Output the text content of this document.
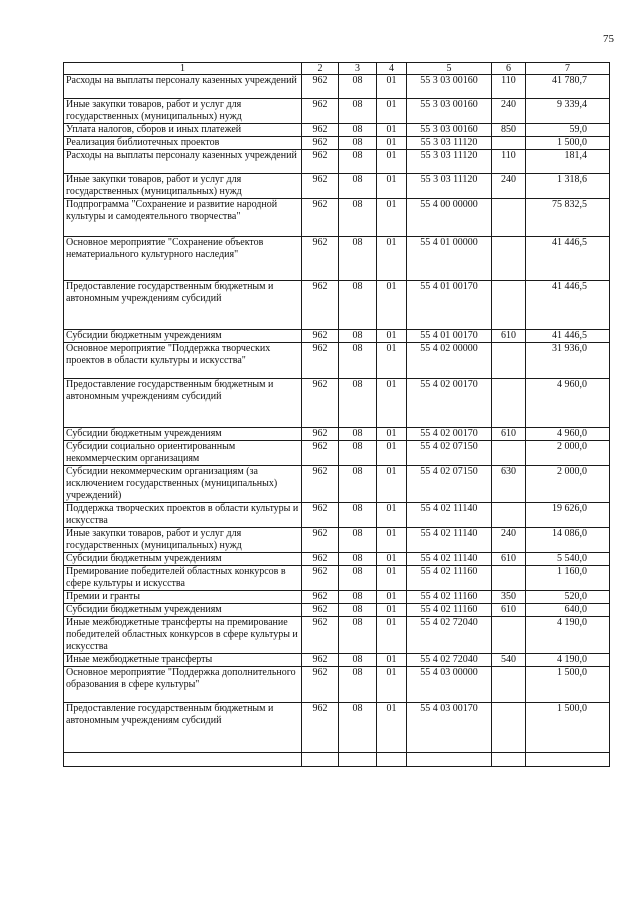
75
1	2	3	4	5	6	7
Расходы на выплаты персоналу казенных учреждений	962	08	01	55 3 03 00160	110	41 780,7
Иные закупки товаров, работ и услуг для государственных (муниципальных) нужд	962	08	01	55 3 03 00160	240	9 339,4
Уплата налогов, сборов и иных платежей	962	08	01	55 3 03 00160	850	59,0
Реализация библиотечных проектов	962	08	01	55 3 03 11120		1 500,0
Расходы на выплаты персоналу казенных учреждений	962	08	01	55 3 03 11120	110	181,4
Иные закупки товаров, работ и услуг для государственных (муниципальных) нужд	962	08	01	55 3 03 11120	240	1 318,6
Подпрограмма "Сохранение и развитие народной культуры и самодеятельного творчества"	962	08	01	55 4 00 00000		75 832,5
Основное мероприятие "Сохранение объектов нематериального культурного наследия"	962	08	01	55 4 01 00000		41 446,5
Предоставление государственным бюджетным и автономным учреждениям субсидий	962	08	01	55 4 01 00170		41 446,5
Субсидии бюджетным учреждениям	962	08	01	55 4 01 00170	610	41 446,5
Основное мероприятие "Поддержка творческих проектов в области культуры и искусства"	962	08	01	55 4 02 00000		31 936,0
Предоставление государственным бюджетным и автономным учреждениям субсидий	962	08	01	55 4 02 00170		4 960,0
Субсидии бюджетным учреждениям	962	08	01	55 4 02 00170	610	4 960,0
Субсидии социально ориентированным некоммерческим организациям	962	08	01	55 4 02 07150		2 000,0
Субсидии некоммерческим организациям (за исключением государственных (муниципальных) учреждений)	962	08	01	55 4 02 07150	630	2 000,0
Поддержка творческих проектов в области культуры и искусства	962	08	01	55 4 02 11140		19 626,0
Иные закупки товаров, работ и услуг для государственных (муниципальных) нужд	962	08	01	55 4 02 11140	240	14 086,0
Субсидии бюджетным учреждениям	962	08	01	55 4 02 11140	610	5 540,0
Премирование победителей областных конкурсов в сфере культуры и искусства	962	08	01	55 4 02 11160		1 160,0
Премии и гранты	962	08	01	55 4 02 11160	350	520,0
Субсидии бюджетным учреждениям	962	08	01	55 4 02 11160	610	640,0
Иные межбюджетные трансферты на премирование победителей областных конкурсов в сфере культуры и искусства	962	08	01	55 4 02 72040		4 190,0
Иные межбюджетные трансферты	962	08	01	55 4 02 72040	540	4 190,0
Основное мероприятие "Поддержка дополнительного образования в сфере культуры"	962	08	01	55 4 03 00000		1 500,0
Предоставление государственным бюджетным и автономным учреждениям субсидий	962	08	01	55 4 03 00170		1 500,0
